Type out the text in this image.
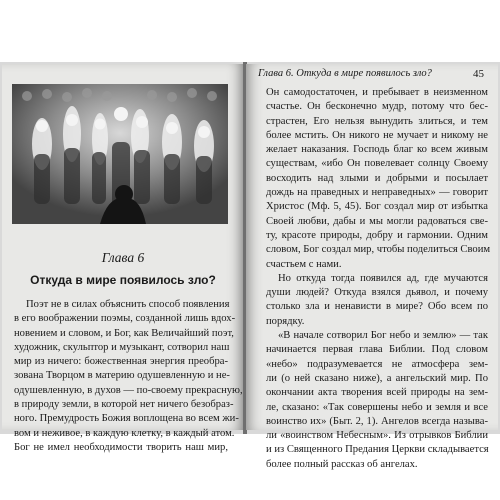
Глава 6
Откуда в мире появилось зло?
Поэт не в силах объяснить способ появления
в его воображении поэмы, созданной лишь вдох-
новением и словом, и Бог, как Величайший поэт,
художник, скульптор и музыкант, сотворил наш
мир из ничего: божественная энергия преобра-
зована Творцом в материю одушевленную и не-
одушевленную, в духов — по-своему прекрасную,
в природу земли, в которой нет ничего безобраз-
ного. Премудрость Божия воплощена во всем жи-
вом и неживое, в каждую клетку, в каждый атом.
Бог не имел необходимости творить наш мир,
Глава 6. Откуда в мире появилось зло?	45
Он самодостаточен, и пребывает в неизменном
счастье. Он бесконечно мудр, потому что бес-
страстен, Его нельзя вынудить злиться, и тем
более мстить. Он никого не мучает и никому не
желает наказания. Господь благ ко всем живым
существам, «ибо Он повелевает солнцу Своему
восходить над злыми и добрыми и посылает
дождь на праведных и неправедных» — говорит
Христос (Мф. 5, 45). Бог создал мир от избытка
Своей любви, дабы и мы могли радоваться све-
ту, красоте природы, добру и гармонии. Одним
словом, Бог создал мир, чтобы поделиться Своим
счастьем с нами.
Но откуда тогда появился ад, где мучаются
души людей? Откуда взялся дьявол, и почему
столько зла и ненависти в мире? Обо всем по
порядку.
«В начале сотворил Бог небо и землю» — так
начинается первая глава Библии. Под словом
«небо» подразумевается не атмосфера зем-
ли (о ней сказано ниже), а ангельский мир. По
окончании акта творения всей природы на зем-
ле, сказано: «Так совершены небо и земля и все
воинство их» (Быт. 2, 1). Ангелов всегда называ-
ли «воинством Небесным». Из отрывков Библии
и из Священного Предания Церкви складывается
более полный рассказ об ангелах.
